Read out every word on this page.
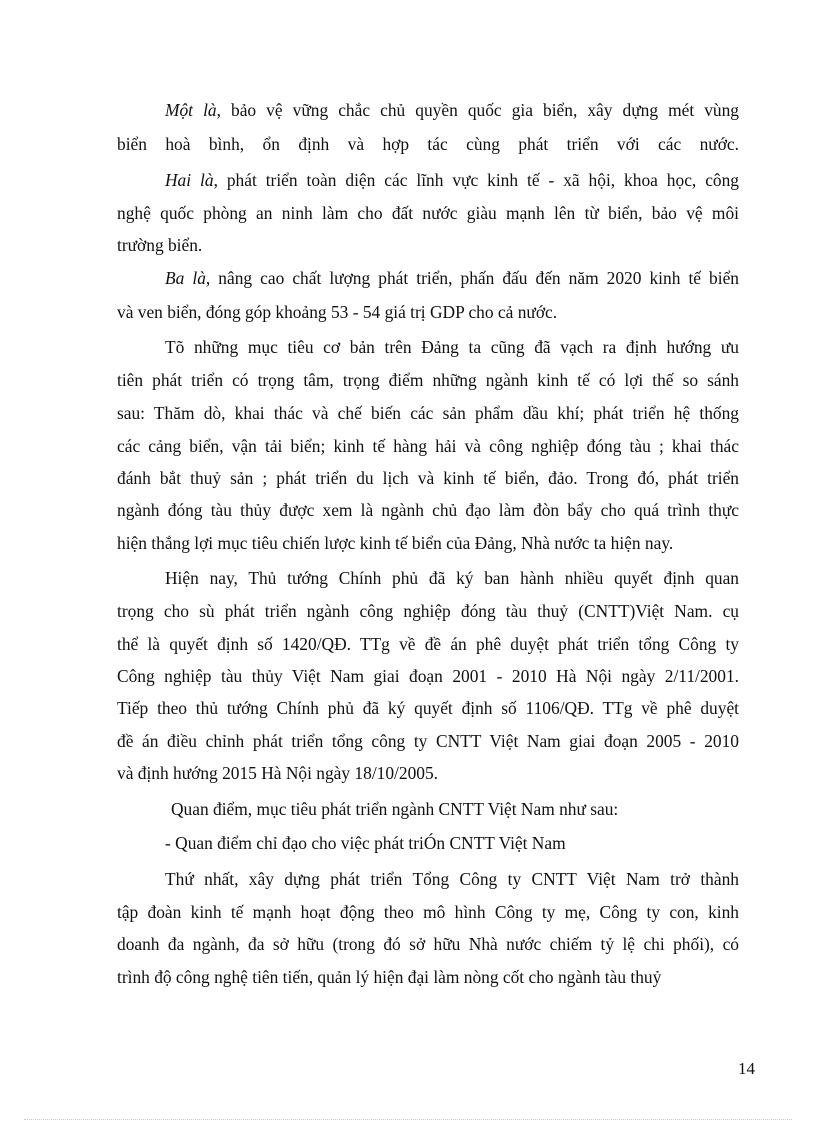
Một là, bảo vệ vững chắc chủ quyền quốc gia biển, xây dựng mét vùng
biển hoà bình, ổn định và hợp tác cùng phát triển với các nước.
Hai là, phát triển toàn diện các lĩnh vực kinh tế - xã hội, khoa học, công
nghệ quốc phòng an ninh làm cho đất nước giàu mạnh lên từ biển, bảo vệ môi
trường biển.
Ba là, nâng cao chất lượng phát triển, phấn đấu đến năm 2020 kinh tế biển
và ven biển, đóng góp khoảng 53 - 54 giá trị GDP cho cả nước.
Tõ những mục tiêu cơ bản trên Đảng ta cũng đã vạch ra định hướng ưu
tiên phát triển có trọng tâm, trọng điểm những ngành kinh tế có lợi thế so sánh
sau: Thăm dò, khai thác và chế biến các sản phẩm dầu khí; phát triển hệ thống
các cảng biển, vận tải biển; kinh tế hàng hải và công nghiệp đóng tàu ; khai thác
đánh bắt thuỷ sản ; phát triển du lịch và kinh tế biển, đảo. Trong đó, phát triển
ngành đóng tàu thủy được xem là ngành chủ đạo làm đòn bẩy cho quá trình thực
hiện thắng lợi mục tiêu chiến lược kinh tế biển của Đảng, Nhà nước ta hiện nay.
Hiện nay, Thủ tướng Chính phủ đã ký ban hành nhiều quyết định quan
trọng cho sù phát triển ngành công nghiệp đóng tàu thuỷ (CNTT)Việt Nam. cụ
thể là quyết định số 1420/QĐ. TTg về đề án phê duyệt phát triển tổng Công ty
Công nghiệp tàu thủy Việt Nam giai đoạn 2001 - 2010 Hà Nội ngày 2/11/2001.
Tiếp theo thủ tướng Chính phủ đã ký quyết định số 1106/QĐ. TTg về phê duyệt
đề án điều chỉnh phát triển tổng công ty CNTT Việt Nam giai đoạn 2005 - 2010
và định hướng 2015 Hà Nội ngày 18/10/2005.
Quan điểm, mục tiêu phát triển ngành CNTT Việt Nam như sau:
- Quan điểm chỉ đạo cho việc phát triÓn CNTT Việt Nam
Thứ nhất, xây dựng phát triển Tổng Công ty CNTT Việt Nam trở thành
tập đoàn kinh tế mạnh hoạt động theo mô hình Công ty mẹ, Công ty con, kinh
doanh đa ngành, đa sở hữu (trong đó sở hữu Nhà nước chiếm tỷ lệ chi phối), có
trình độ công nghệ tiên tiến, quản lý hiện đại làm nòng cốt cho ngành tàu thuỷ
14
